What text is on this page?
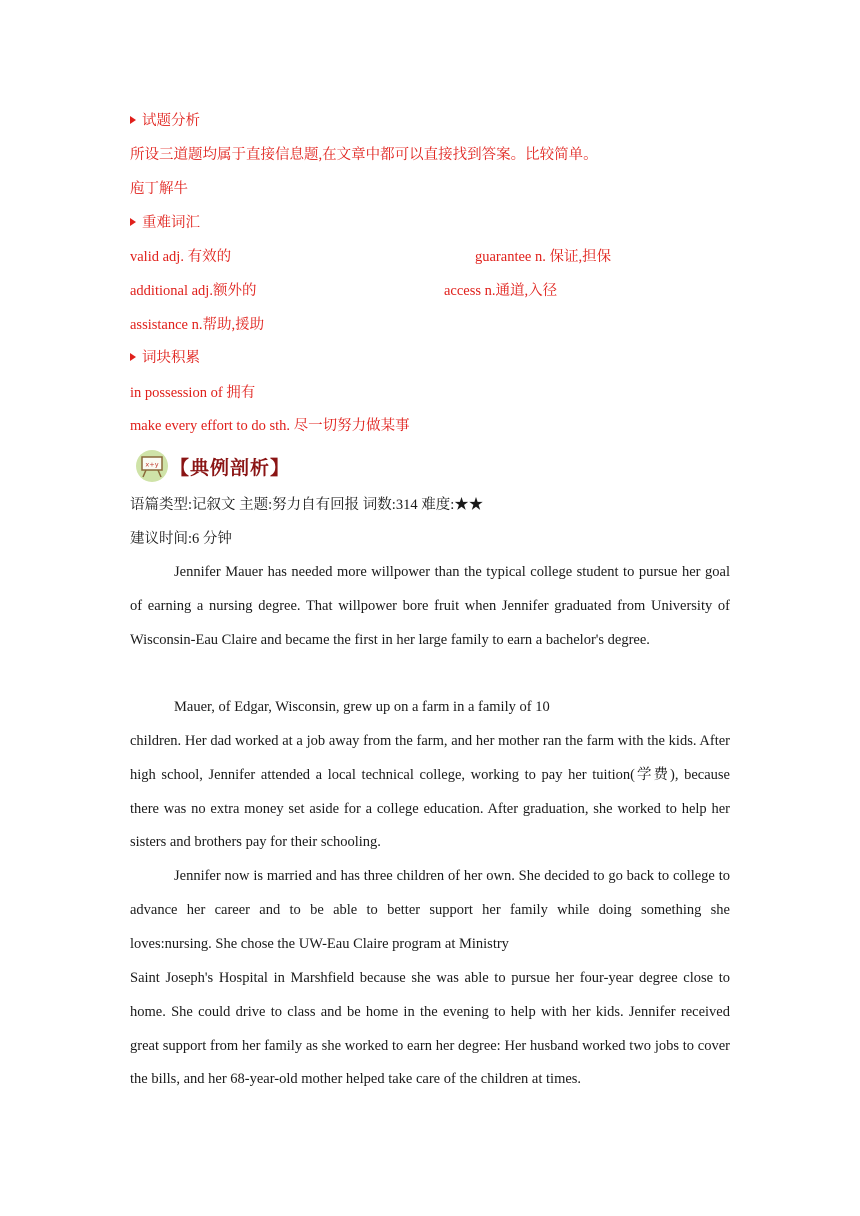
试题分析
所设三道题均属于直接信息题,在文章中都可以直接找到答案。比较简单。
庖丁解牛
重难词汇
valid adj. 有效的	guarantee n. 保证,担保
additional adj.额外的	access n.通道,入径
assistance n.帮助,援助
词块积累
in possession of 拥有
make every effort to do sth. 尽一切努力做某事
x+y 【典例剖析】
语篇类型:记叙文 主题:努力自有回报 词数:314 难度:★★
建议时间:6 分钟
Jennifer Mauer has needed more willpower than the typical college student to pursue her goal of earning a nursing degree. That willpower bore fruit when Jennifer graduated from University of Wisconsin-Eau Claire and became the first in her large family to earn a bachelor's degree.
Mauer, of Edgar, Wisconsin, grew up on a farm in a family of 10
children. Her dad worked at a job away from the farm, and her mother ran the farm with the kids. After high school, Jennifer attended a local technical college, working to pay her tuition(学费), because there was no extra money set aside for a college education. After graduation, she worked to help her sisters and brothers pay for their schooling.
Jennifer now is married and has three children of her own. She decided to go back to college to advance her career and to be able to better support her family while doing something she loves:nursing. She chose the UW-Eau Claire program at Ministry
Saint Joseph's Hospital in Marshfield because she was able to pursue her four-year degree close to home. She could drive to class and be home in the evening to help with her kids. Jennifer received great support from her family as she worked to earn her degree: Her husband worked two jobs to cover the bills, and her 68-year-old mother helped take care of the children at times.
